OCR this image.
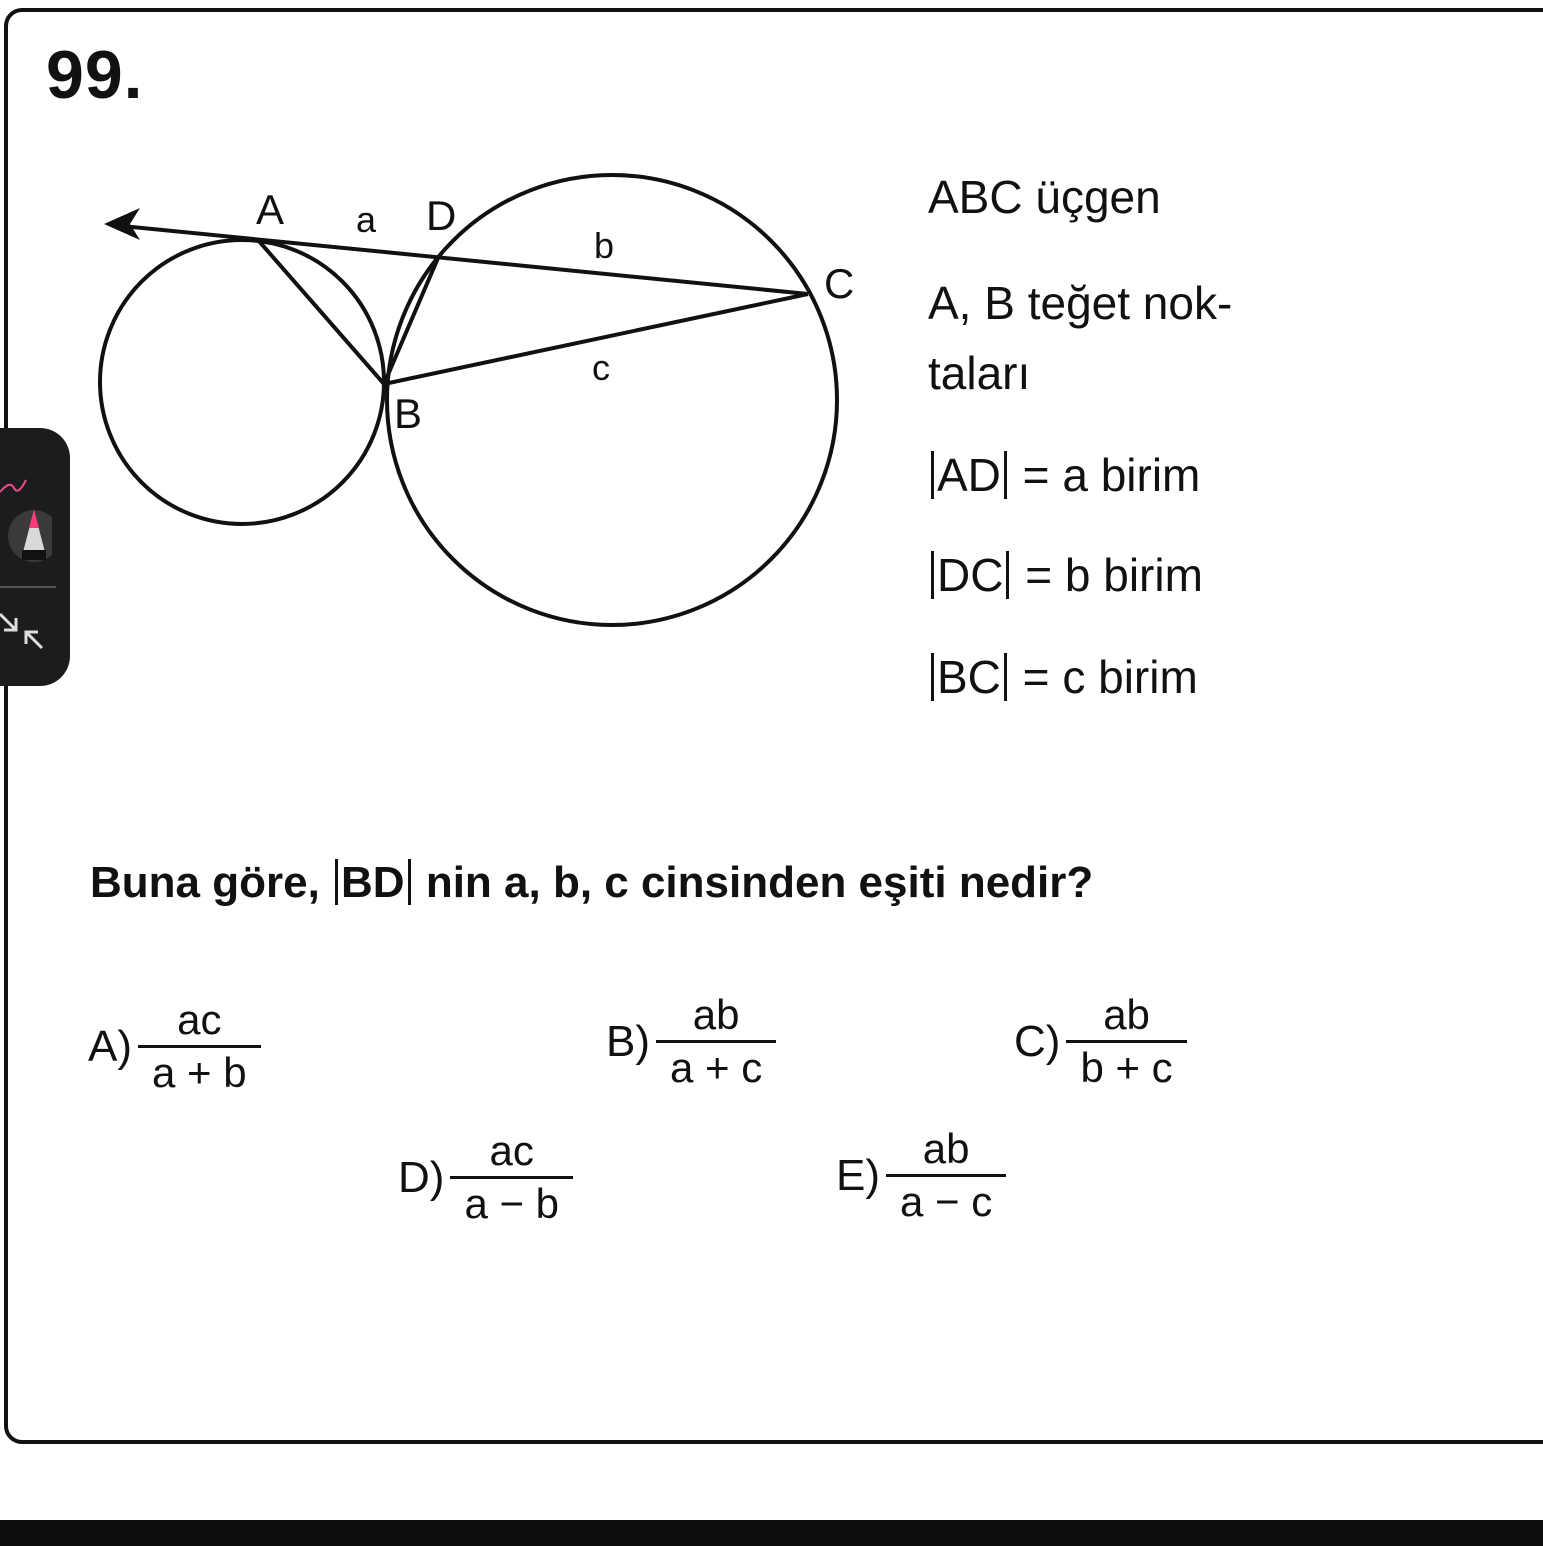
99.
A a D
b
C
c
B
ABC üçgen
A, B teğet nok-
taları
AD = a birim
DC = b birim
BC = c birim
Buna göre, BD nin a, b, c cinsinden eşiti nedir?
$A) \frac{ac}{a + b}$	$B) \frac{ab}{a + c}$	$C) \frac{ab}{b + c}$
$D) \frac{ac}{a - b}$	$E) \frac{ab}{a - c}$
